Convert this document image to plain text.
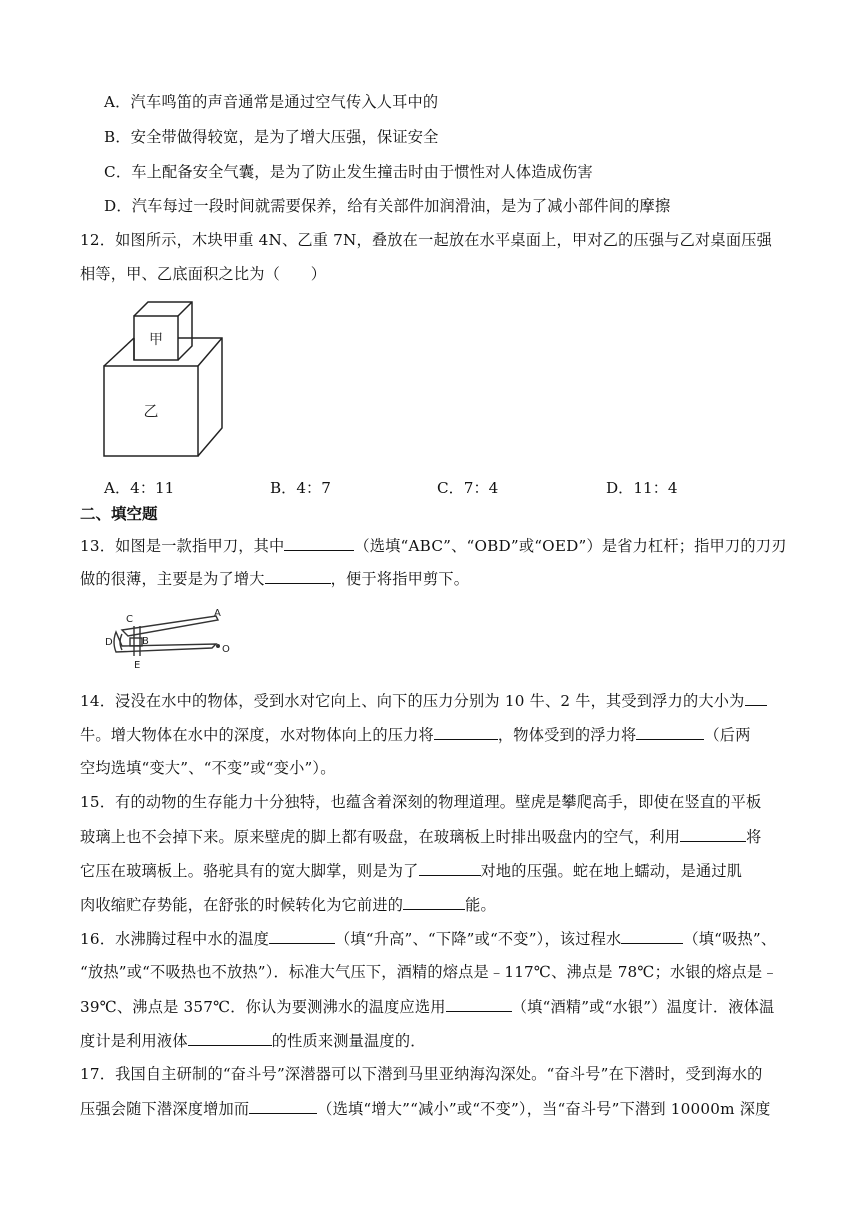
A．汽车鸣笛的声音通常是通过空气传入人耳中的
B．安全带做得较宽，是为了增大压强，保证安全
C．车上配备安全气囊，是为了防止发生撞击时由于惯性对人体造成伤害
D．汽车每过一段时间就需要保养，给有关部件加润滑油，是为了减小部件间的摩擦
12．如图所示，木块甲重 4N、乙重 7N，叠放在一起放在水平桌面上，甲对乙的压强与乙对桌面压强
相等，甲、乙底面积之比为（　　）
甲
乙
A．4：11	B．4：7	C．7：4	D．11：4
二、填空题
13．如图是一款指甲刀，其中	（选填“ABC”、“OBD”或“OED”）是省力杠杆；指甲刀的刀刃
做的很薄，主要是为了增大	，便于将指甲剪下。
C
A
B
D
E
O
14．浸没在水中的物体，受到水对它向上、向下的压力分别为 10 牛、2 牛，其受到浮力的大小为
牛。增大物体在水中的深度，水对物体向上的压力将	，物体受到的浮力将	（后两
空均选填“变大”、“不变”或“变小”）。
15．有的动物的生存能力十分独特，也蕴含着深刻的物理道理。壁虎是攀爬高手，即使在竖直的平板
玻璃上也不会掉下来。原来壁虎的脚上都有吸盘，在玻璃板上时排出吸盘内的空气，利用	将
它压在玻璃板上。骆驼具有的宽大脚掌，则是为了	对地的压强。蛇在地上蠕动，是通过肌
肉收缩贮存势能，在舒张的时候转化为它前进的	能。
16．水沸腾过程中水的温度	（填“升高”、“下降”或“不变”），该过程水	（填“吸热”、
“放热”或“不吸热也不放热”）．标准大气压下，酒精的熔点是﹣117℃、沸点是 78℃；水银的熔点是﹣
39℃、沸点是 357℃．你认为要测沸水的温度应选用	（填“酒精”或“水银”）温度计．液体温
度计是利用液体	的性质来测量温度的．
17．我国自主研制的“奋斗号”深潜器可以下潜到马里亚纳海沟深处。“奋斗号”在下潜时，受到海水的
压强会随下潜深度增加而	（选填“增大”“减小”或“不变”），当“奋斗号”下潜到 10000m 深度
